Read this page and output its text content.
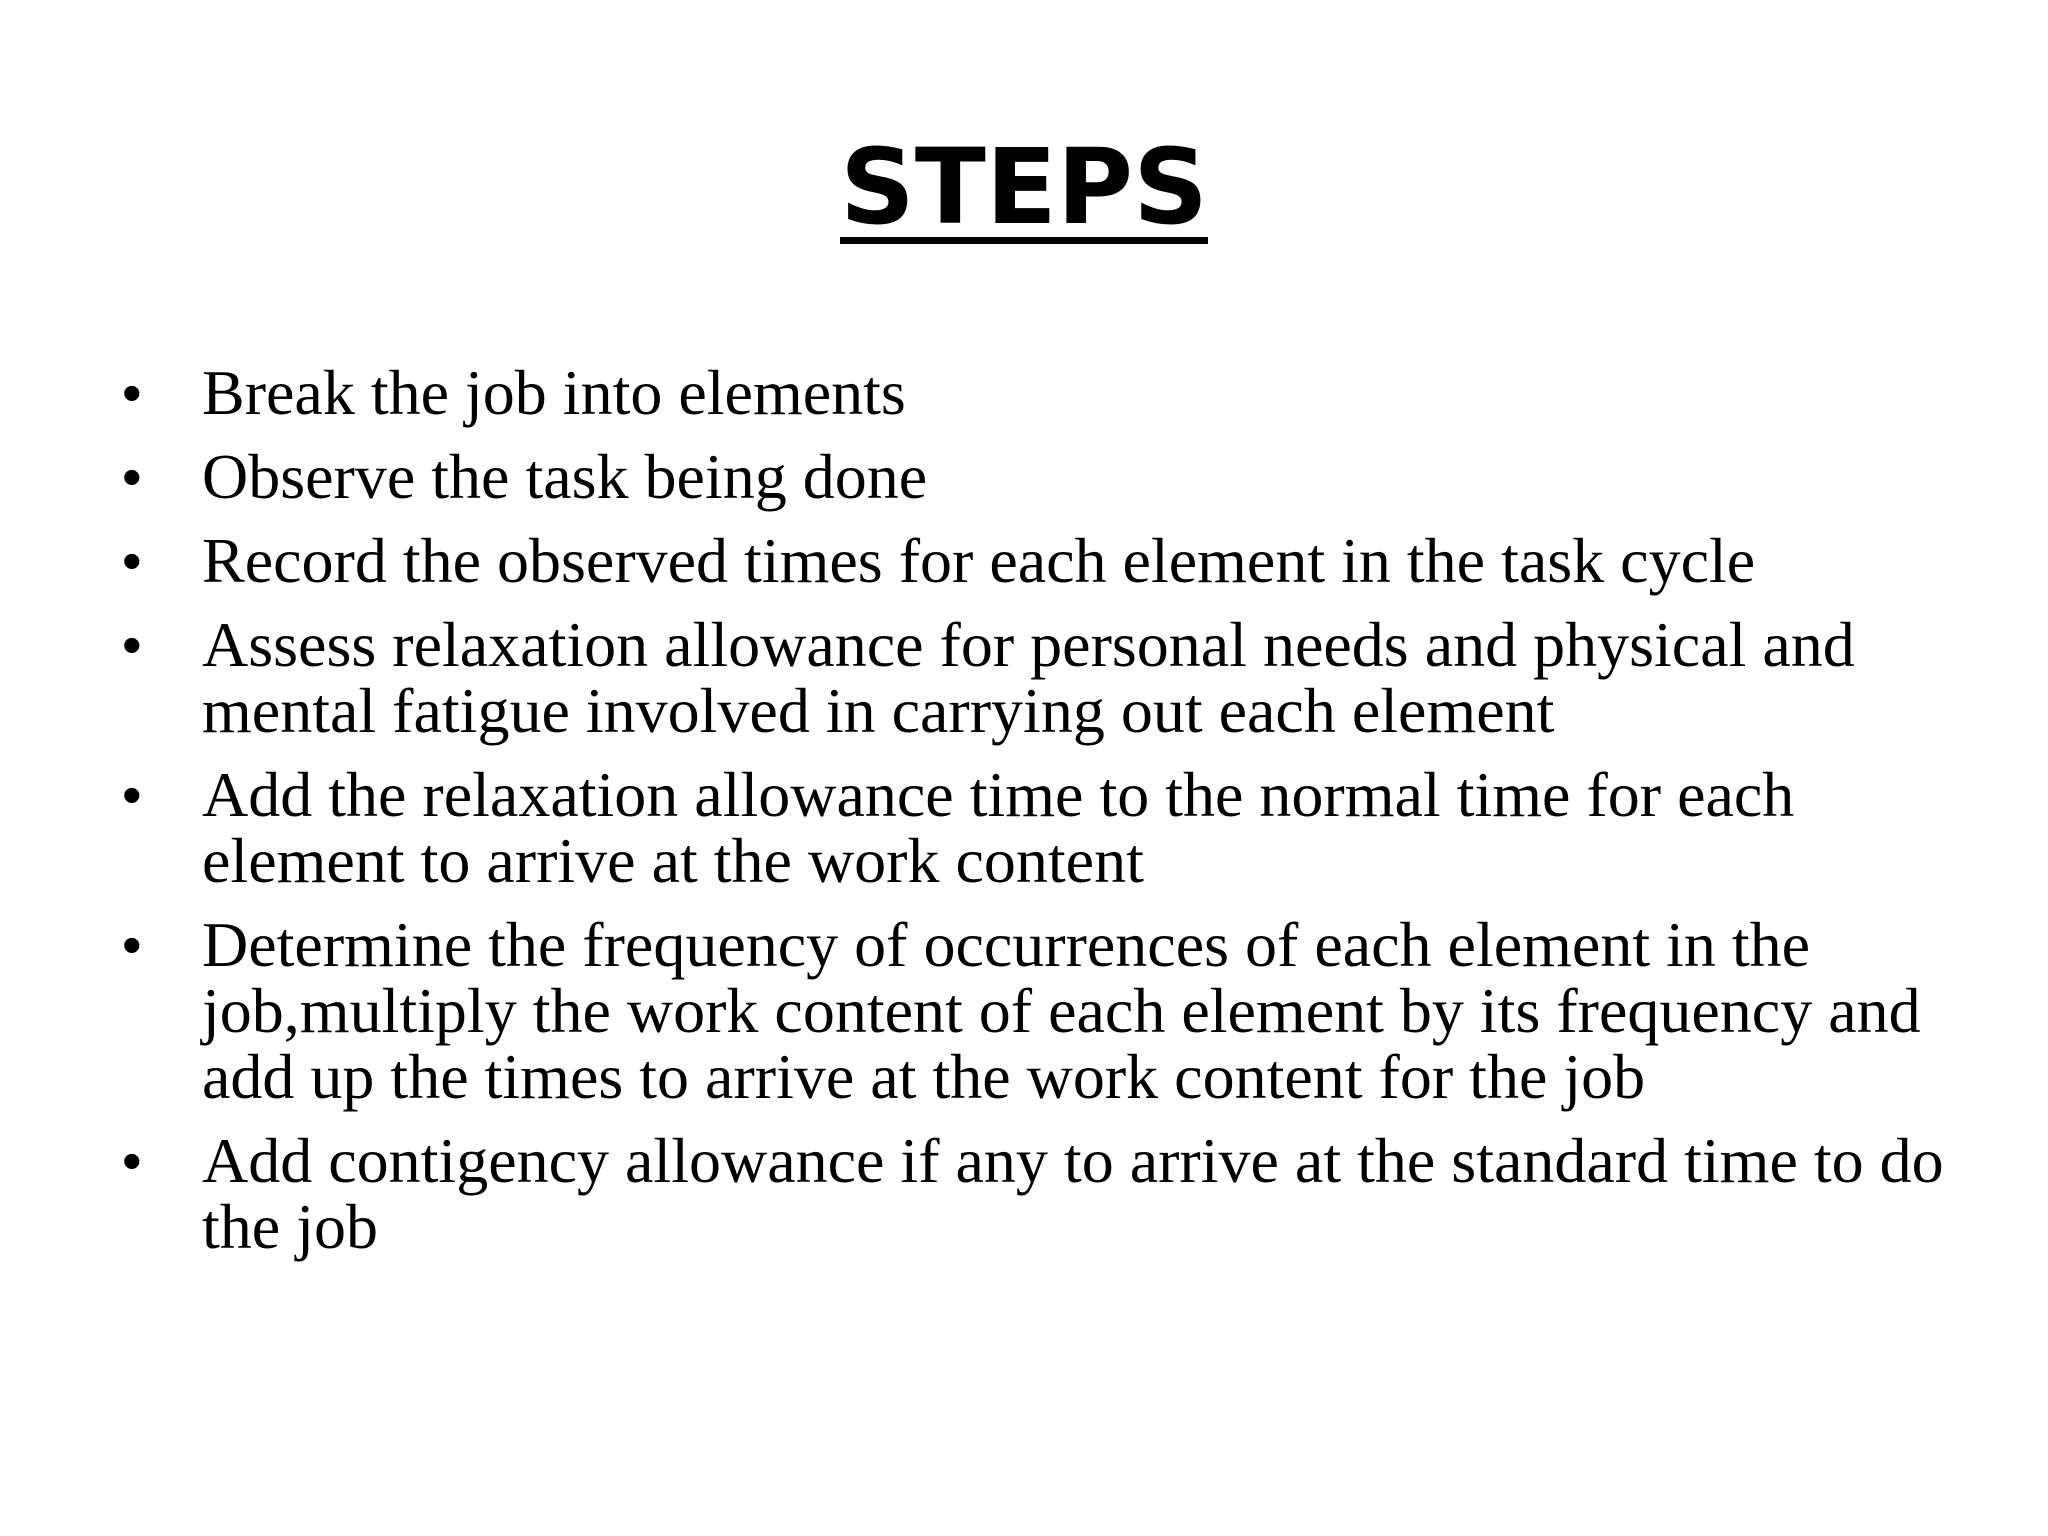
STEPS
• Break the job into elements
• Observe the task being done
• Record the observed times for each element in the task cycle
• Assess relaxation allowance for personal needs and physical and mental fatigue involved in carrying out each element
• Add the relaxation allowance time to the normal time for each element to arrive at the work content
• Determine the frequency of occurrences of each element in the job,multiply the work content of each element by its frequency and add up the times to arrive at the work content for the job
• Add contigency allowance if any to arrive at the standard time to do the job
